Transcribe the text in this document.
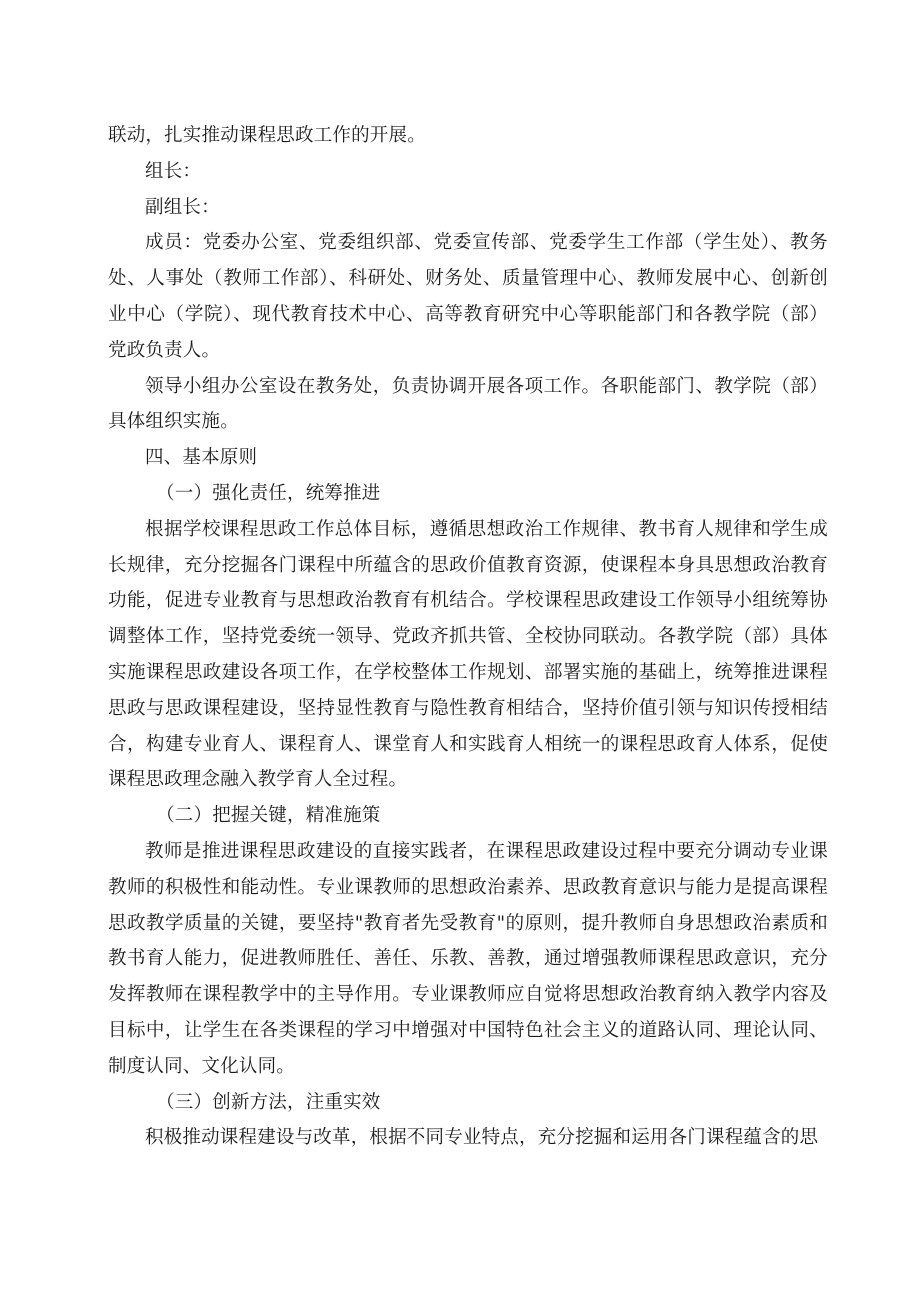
联动，扎实推动课程思政工作的开展。

组长：

副组长：

成员：党委办公室、党委组织部、党委宣传部、党委学生工作部（学生处）、教务处、人事处（教师工作部）、科研处、财务处、质量管理中心、教师发展中心、创新创业中心（学院）、现代教育技术中心、高等教育研究中心等职能部门和各教学院（部）党政负责人。

领导小组办公室设在教务处，负责协调开展各项工作。各职能部门、教学院（部）具体组织实施。

四、基本原则

（一）强化责任，统筹推进

根据学校课程思政工作总体目标，遵循思想政治工作规律、教书育人规律和学生成长规律，充分挖掘各门课程中所蕴含的思政价值教育资源，使课程本身具思想政治教育功能，促进专业教育与思想政治教育有机结合。学校课程思政建设工作领导小组统筹协调整体工作，坚持党委统一领导、党政齐抓共管、全校协同联动。各教学院（部）具体实施课程思政建设各项工作，在学校整体工作规划、部署实施的基础上，统筹推进课程思政与思政课程建设，坚持显性教育与隐性教育相结合，坚持价值引领与知识传授相结合，构建专业育人、课程育人、课堂育人和实践育人相统一的课程思政育人体系，促使课程思政理念融入教学育人全过程。

（二）把握关键，精准施策

教师是推进课程思政建设的直接实践者，在课程思政建设过程中要充分调动专业课教师的积极性和能动性。专业课教师的思想政治素养、思政教育意识与能力是提高课程思政教学质量的关键，要坚持"教育者先受教育"的原则，提升教师自身思想政治素质和教书育人能力，促进教师胜任、善任、乐教、善教，通过增强教师课程思政意识，充分发挥教师在课程教学中的主导作用。专业课教师应自觉将思想政治教育纳入教学内容及目标中，让学生在各类课程的学习中增强对中国特色社会主义的道路认同、理论认同、制度认同、文化认同。

（三）创新方法，注重实效

积极推动课程建设与改革，根据不同专业特点，充分挖掘和运用各门课程蕴含的思
